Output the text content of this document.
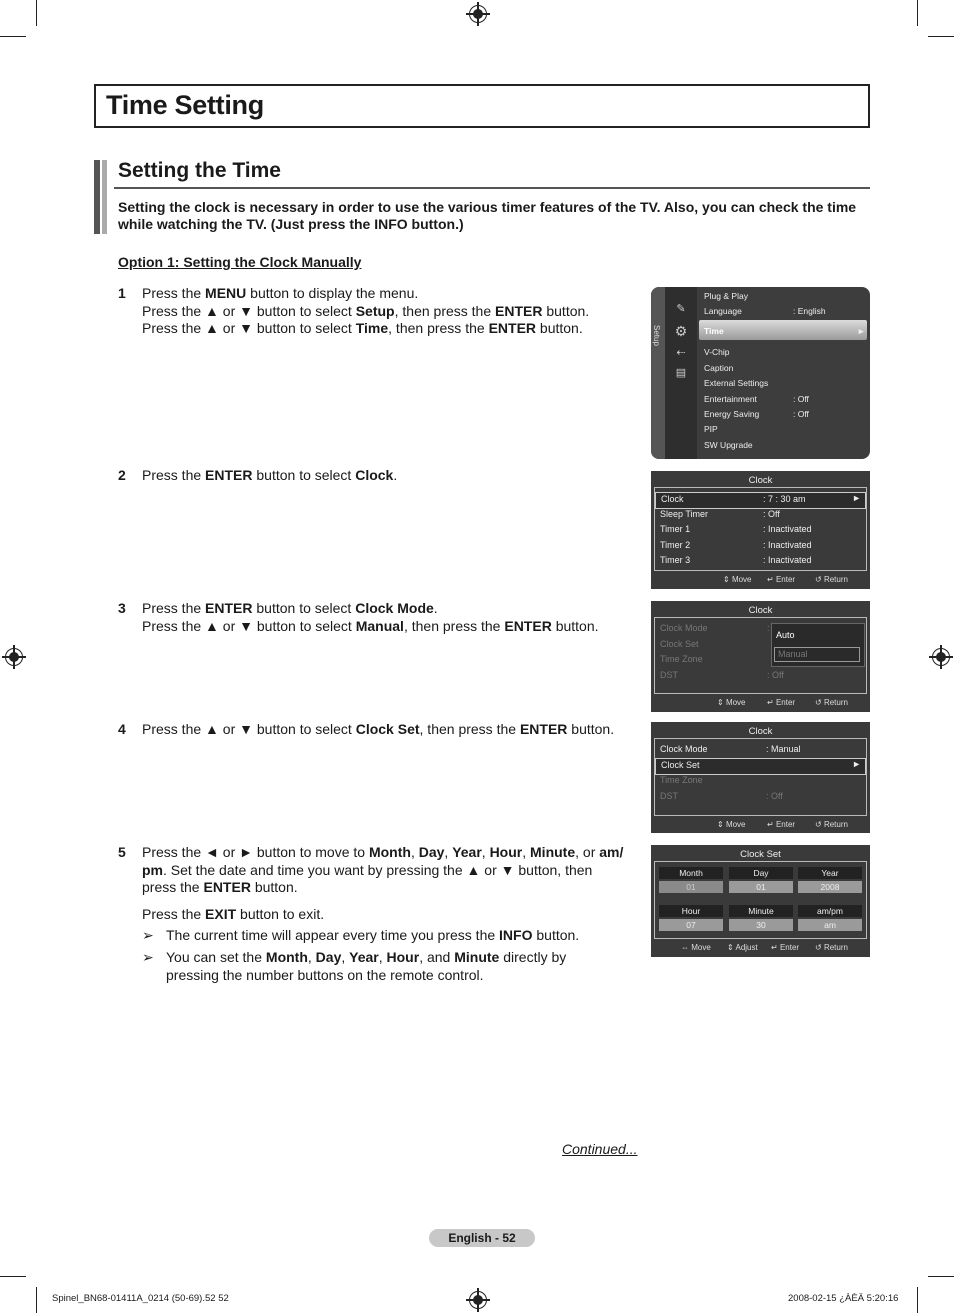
Time Setting
Setting the Time
Setting the clock is necessary in order to use the various timer features of the TV. Also, you can check the time while watching the TV. (Just press the INFO button.)
Option 1: Setting the Clock Manually
1 Press the MENU button to display the menu.
Press the ▲ or ▼ button to select Setup, then press the ENTER button.
Press the ▲ or ▼ button to select Time, then press the ENTER button.
2 Press the ENTER button to select Clock.
3 Press the ENTER button to select Clock Mode.
Press the ▲ or ▼ button to select Manual, then press the ENTER button.
4 Press the ▲ or ▼ button to select Clock Set, then press the ENTER button.
5 Press the ◄ or ► button to move to Month, Day, Year, Hour, Minute, or am/ pm. Set the date and time you want by pressing the ▲ or ▼ button, then press the ENTER button.
Press the EXIT button to exit.
➢ The current time will appear every time you press the INFO button.
➢ You can set the Month, Day, Year, Hour, and Minute directly by pressing the number buttons on the remote control.
Setup
✎
⚙
⇠
▤
Plug & Play
Language	: English
Time	►
V-Chip
Caption
External Settings
Entertainment	: Off
Energy Saving	: Off
PIP
SW Upgrade
Clock
Clock	: 7 : 30 am	►
Sleep Timer	: Off
Timer 1	: Inactivated
Timer 2	: Inactivated
Timer 3	: Inactivated
⇕ Move ↵ Enter ↺ Return
Clock
Clock Mode	:
Clock Set
Time Zone
DST	: Off
Auto
Manual
⇕ Move	↵ Enter ↺ Return
Clock
Clock Mode	: Manual
Clock Set	►
Time Zone
DST	: Off
⇕ Move	↵ Enter ↺ Return
Clock Set
Month	Day	Year
01	01	2008
Hour	Minute	am/pm
07	30	am
⇔ Move ⇕ Adjust ↵ Enter ↺ Return
Continued...
English - 52
Spinel_BN68-01411A_0214 (50-69).52 52	2008-02-15 ¿ÀÈÄ 5:20:16
